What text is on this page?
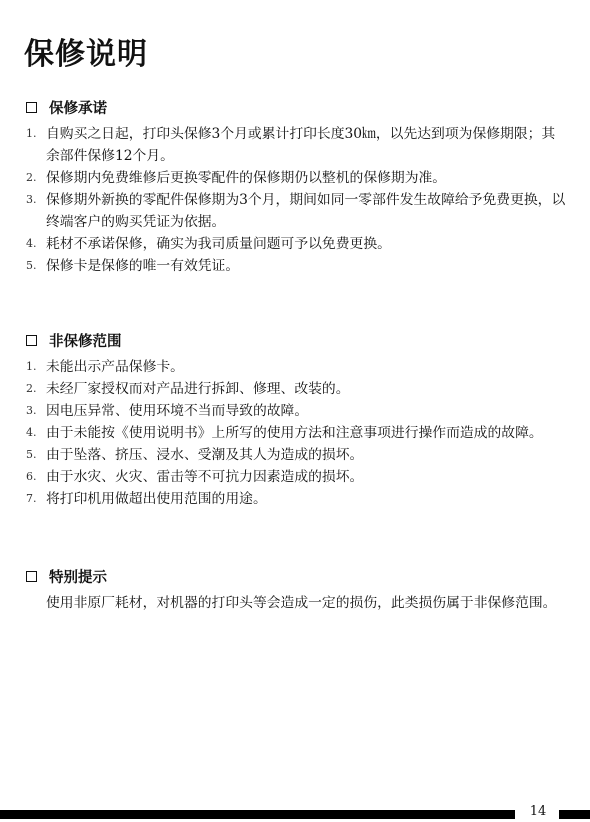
保修说明
保修承诺
1. 自购买之日起，打印头保修3个月或累计打印长度30㎞，以先达到项为保修期限；其余部件保修12个月。
2. 保修期内免费维修后更换零配件的保修期仍以整机的保修期为准。
3. 保修期外新换的零配件保修期为3个月，期间如同一零部件发生故障给予免费更换，以终端客户的购买凭证为依据。
4. 耗材不承诺保修，确实为我司质量问题可予以免费更换。
5. 保修卡是保修的唯一有效凭证。
非保修范围
1. 未能出示产品保修卡。
2. 未经厂家授权而对产品进行拆卸、修理、改装的。
3. 因电压异常、使用环境不当而导致的故障。
4. 由于未能按《使用说明书》上所写的使用方法和注意事项进行操作而造成的故障。
5. 由于坠落、挤压、浸水、受潮及其人为造成的损坏。
6. 由于水灾、火灾、雷击等不可抗力因素造成的损坏。
7. 将打印机用做超出使用范围的用途。
特别提示

使用非原厂耗材，对机器的打印头等会造成一定的损伤，此类损伤属于非保修范围。

14
